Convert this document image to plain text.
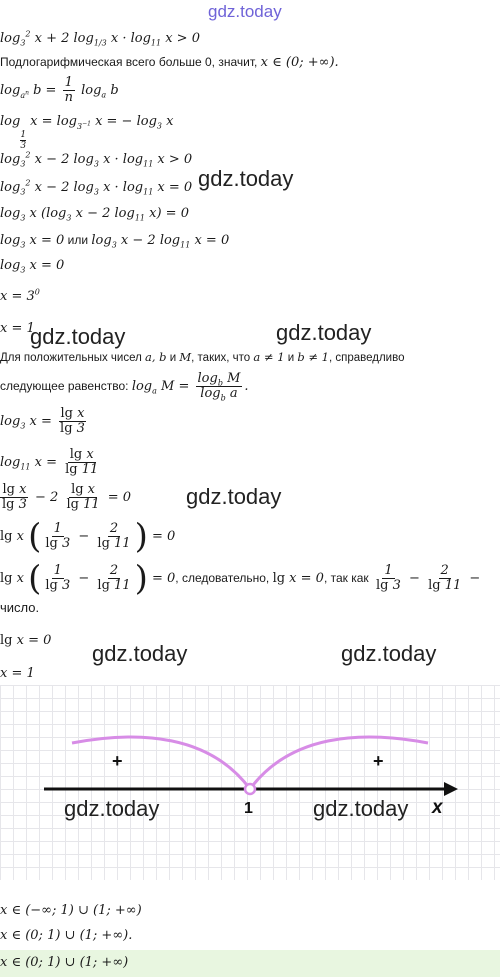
gdz.today
$\log_3^2 x + 2$ $\log_{1/3} x \cdot \log_{11} x > 0$
Подлогарифмическая всего больше 0, значит, x ∈ (0; +∞).
$\log_{a^n} b = \frac{1}{n} \log_a b$
log
$_{\frac{1}{3}}$
$x = \log_{3^{-1}} x$ = − $\log_3 x$
$\log_3^2 x - 2$ $\log_3 x \cdot \log_{11} x > 0$
$\log_3^2 x - 2$ $\log_3 x \cdot \log_{11} x = 0$
$\log_3 x$ ($\log_3$ x − 2 $\log_{11} x) = 0$
$\log_3 x = 0$ или $\log_3 x - 2$ $\log_{11} x = 0$
$\log_3 x = 0$
$x = 3^0$
x = 1
Для положительных чисел a, b и M, таких, что a ≠ 1 и b ≠ 1, справедливо
следующее равенство: $\log_a M = \frac{\log_b M}{\log_b a}$ .
$\log_3 x = \frac{\text{lg x}}{\lg 3}$
$\log_{11} x = \frac{\text{lg x}}{\lg 11}$
$\frac{\text{lg x}}{\lg 3} - 2 \frac{\text{lg x}}{\lg 11} = 0$
lg x ( $\frac{1}{\lg 3} - \frac{2}{\lg 11}$ ) = 0
lg x ( $\frac{1}{\lg 3} - \frac{2}{\lg 11}$ ) = 0, следовательно, lg x = 0, так как $\frac{1}{\lg 3} - \frac{2}{\lg 11}$ −
число.
lg x = 0
x = 1
+	+
1	x
x ∈ (−∞; 1) ∪ (1; +∞)
x ∈ (0; 1) ∪ (1; +∞).
x ∈ (0; 1) ∪ (1; +∞)
gdz.today
gdz.today	gdz.today
gdz.today
gdz.today	gdz.today
gdz.today	gdz.today
